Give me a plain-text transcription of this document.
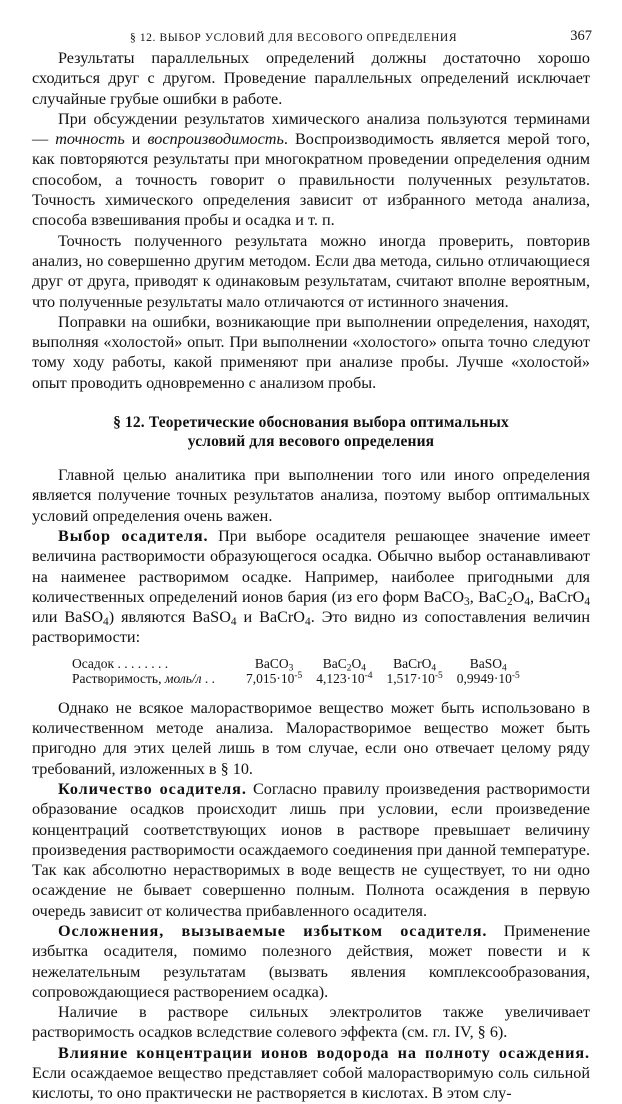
§ 12. ВЫБОР УСЛОВИЙ ДЛЯ ВЕСОВОГО ОПРЕДЕЛЕНИЯ	367

Результаты параллельных определений должны достаточно хорошо сходиться друг с другом. Проведение параллельных определений исключает случайные грубые ошибки в работе.

При обсуждении результатов химического анализа пользуются терминами — точность и воспроизводимость. Воспроизводимость является мерой того, как повторяются результаты при многократном проведении определения одним способом, а точность говорит о правильности полученных результатов. Точность химического определения зависит от избранного метода анализа, способа взвешивания пробы и осадка и т. п.

Точность полученного результата можно иногда проверить, повторив анализ, но совершенно другим методом. Если два метода, сильно отличающиеся друг от друга, приводят к одинаковым результатам, считают вполне вероятным, что полученные результаты мало отличаются от истинного значения.

Поправки на ошибки, возникающие при выполнении определения, находят, выполняя «холостой» опыт. При выполнении «холостого» опыта точно следуют тому ходу работы, какой применяют при анализе пробы. Лучше «холостой» опыт проводить одновременно с анализом пробы.

§ 12. Теоретические обоснования выбора оптимальных
условий для весового определения

Главной целью аналитика при выполнении того или иного определения является получение точных результатов анализа, поэтому выбор оптимальных условий определения очень важен.

Выбор осадителя. При выборе осадителя решающее значение имеет величина растворимости образующегося осадка. Обычно выбор останавливают на наименее растворимом осадке. Например, наиболее пригодными для количественных определений ионов бария (из его форм BaCO$_3$, $BaC_2O_4$, BaCrO$_4$ или BaSO$_4$) являются BaSO$_4$ и BaCrO$_4$. Это видно из сопоставления величин растворимости:

Осадок . . . . . . . .	BaCO$_3$	$BaC_2O_4$	BaCrO$_4$	BaSO$_4$
Растворимость, моль/л . .	$7,015\cdot 10^{-5}$	$4,123\cdot 10^{-4}$	$1,517\cdot 10^{-5}$	$0,9949\cdot 10^{-5}$

Однако не всякое малорастворимое вещество может быть использовано в количественном методе анализа. Малорастворимое вещество может быть пригодно для этих целей лишь в том случае, если оно отвечает целому ряду требований, изложенных в § 10.

Количество осадителя. Согласно правилу произведения растворимости образование осадков происходит лишь при условии, если произведение концентраций соответствующих ионов в растворе превышает величину произведения растворимости осаждаемого соединения при данной температуре. Так как абсолютно нерастворимых в воде веществ не существует, то ни одно осаждение не бывает совершенно полным. Полнота осаждения в первую очередь зависит от количества прибавленного осадителя.

Осложнения, вызываемые избытком осадителя. Применение избытка осадителя, помимо полезного действия, может повести и к нежелательным результатам (вызвать явления комплексообразования, сопровождающиеся растворением осадка).

Наличие в растворе сильных электролитов также увеличивает растворимость осадков вследствие солевого эффекта (см. гл. IV, § 6).

Влияние концентрации ионов водорода на полноту осаждения. Если осаждаемое вещество представляет собой малорастворимую соль сильной кислоты, то оно практически не растворяется в кислотах. В этом слу-
